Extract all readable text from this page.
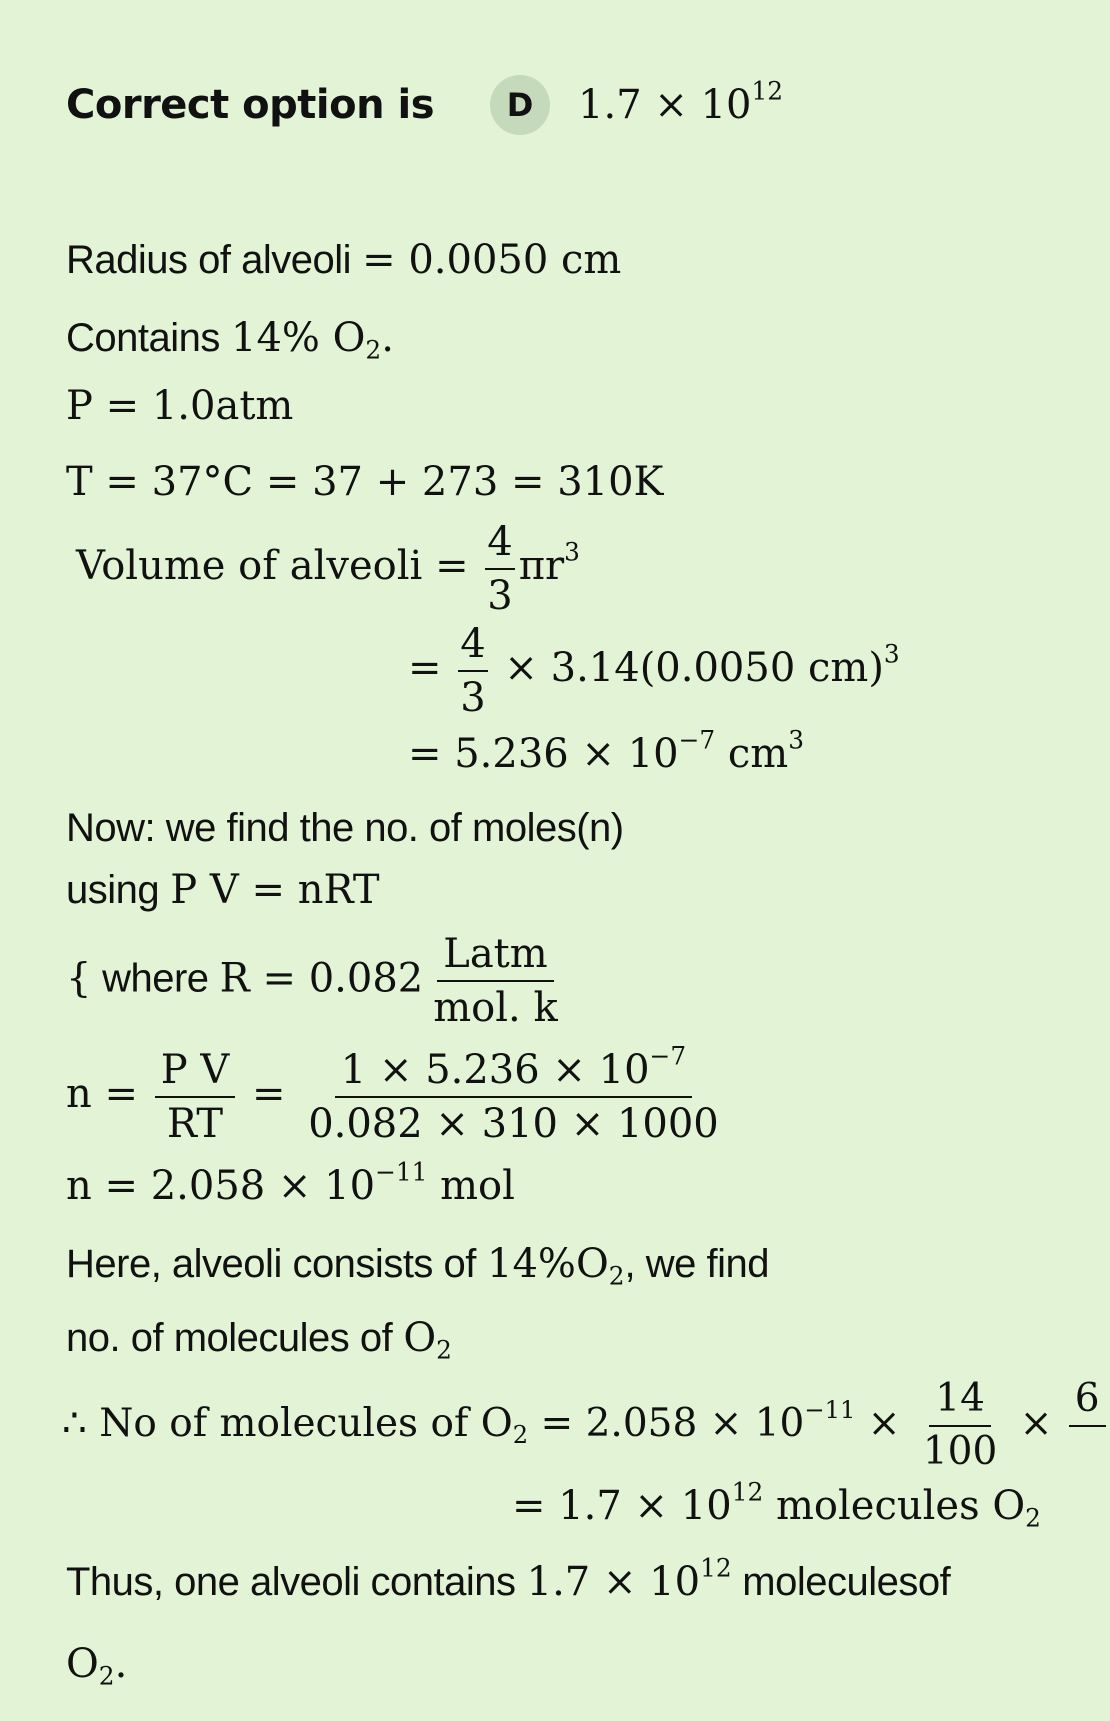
Correct option is	D	$1.7 \times 10^{12}$
Radius of alveoli = 0.0050 cm
Contains 14% $O_2$.
P = 1.0atm
T = 37°C = 37 + 273 = 310K
Volume of alveoli = $\frac{4}{3} \pi r^3$
= $\frac{4}{3} \times 3.14(0.0050$ cm)$^3$
= $5.236 \times 10^{-7}$ $cm^3$
Now: we find the no. of moles(n)
using P V = nRT
{ where $R = 0.082 \frac{\text{Latm}}{\text{mol. k}}$
$n = \frac{\text{P V}}{RT} = \frac{1 \times 5.236 \times 10^{-7}}{0.082 \times 310 \times 1000}$
$n = 2.058 \times 10^{-11}$ mol
Here, alveoli consists of $14\%O_2$, we find
no. of molecules of $O_2$
∴ No of molecules of $O_2 = 2.058 \times 10^{-11} \times \frac{14}{100}$ ×
6

= $1.7 \times 10^{12}$ molecules $O_2$
Thus, one alveoli contains $1.7 \times 10^{12}$ moleculesof
$O_2$.
